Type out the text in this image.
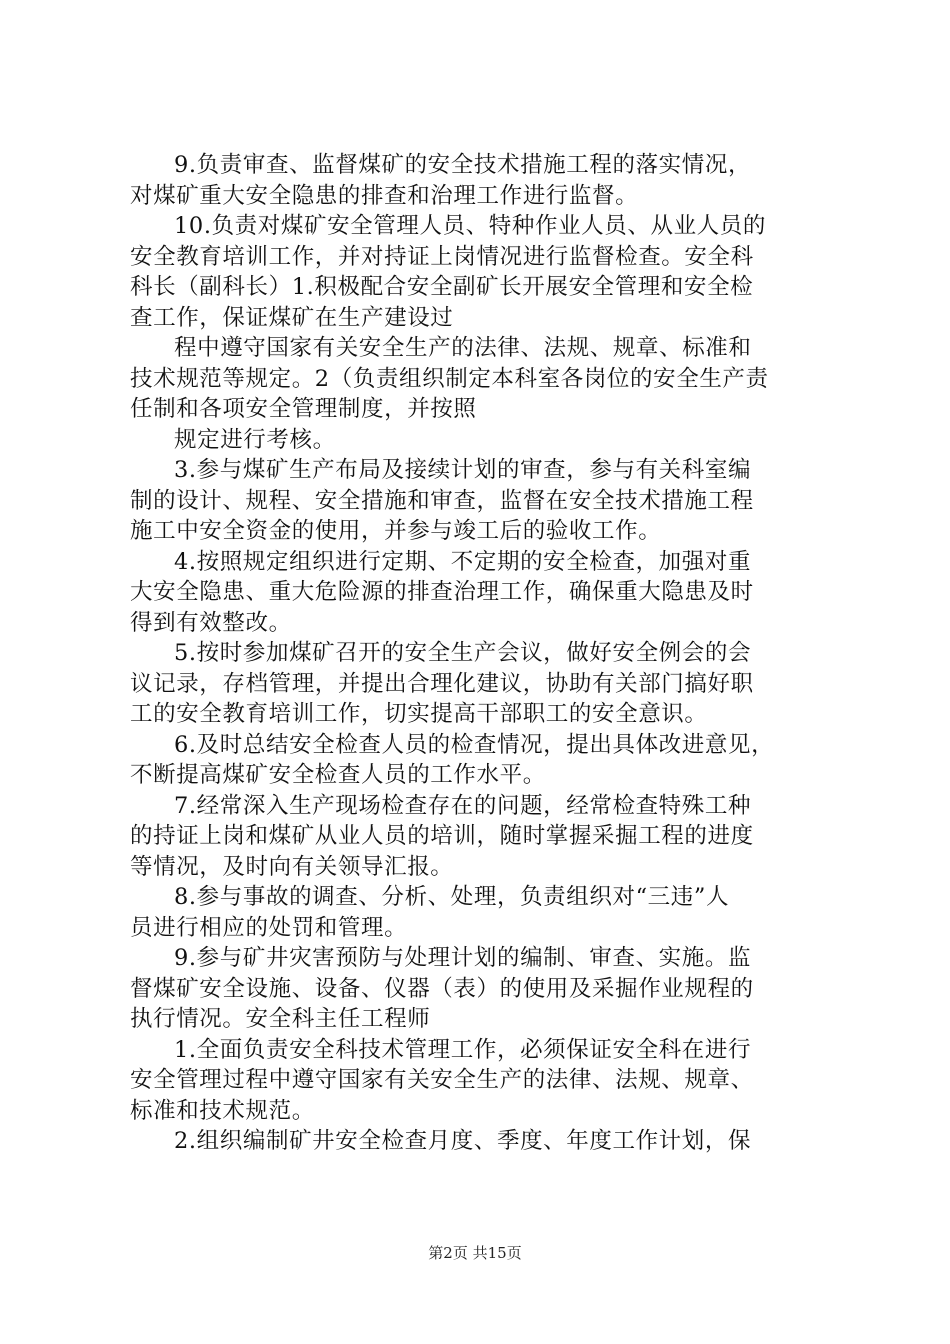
9.负责审查、监督煤矿的安全技术措施工程的落实情况，
对煤矿重大安全隐患的排查和治理工作进行监督。
10.负责对煤矿安全管理人员、特种作业人员、从业人员的
安全教育培训工作，并对持证上岗情况进行监督检查。安全科
科长（副科长）1.积极配合安全副矿长开展安全管理和安全检
查工作，保证煤矿在生产建设过
程中遵守国家有关安全生产的法律、法规、规章、标准和
技术规范等规定。2（负责组织制定本科室各岗位的安全生产责
任制和各项安全管理制度，并按照
规定进行考核。
3.参与煤矿生产布局及接续计划的审查，参与有关科室编
制的设计、规程、安全措施和审查，监督在安全技术措施工程
施工中安全资金的使用，并参与竣工后的验收工作。
4.按照规定组织进行定期、不定期的安全检查，加强对重
大安全隐患、重大危险源的排查治理工作，确保重大隐患及时
得到有效整改。
5.按时参加煤矿召开的安全生产会议，做好安全例会的会
议记录，存档管理，并提出合理化建议，协助有关部门搞好职
工的安全教育培训工作，切实提高干部职工的安全意识。
6.及时总结安全检查人员的检查情况，提出具体改进意见，
不断提高煤矿安全检查人员的工作水平。
7.经常深入生产现场检查存在的问题，经常检查特殊工种
的持证上岗和煤矿从业人员的培训，随时掌握采掘工程的进度
等情况，及时向有关领导汇报。
8.参与事故的调查、分析、处理，负责组织对“三违”人
员进行相应的处罚和管理。
9.参与矿井灾害预防与处理计划的编制、审查、实施。监
督煤矿安全设施、设备、仪器（表）的使用及采掘作业规程的
执行情况。安全科主任工程师
1.全面负责安全科技术管理工作，必须保证安全科在进行
安全管理过程中遵守国家有关安全生产的法律、法规、规章、
标准和技术规范。
2.组织编制矿井安全检查月度、季度、年度工作计划，保
第2页 共15页
